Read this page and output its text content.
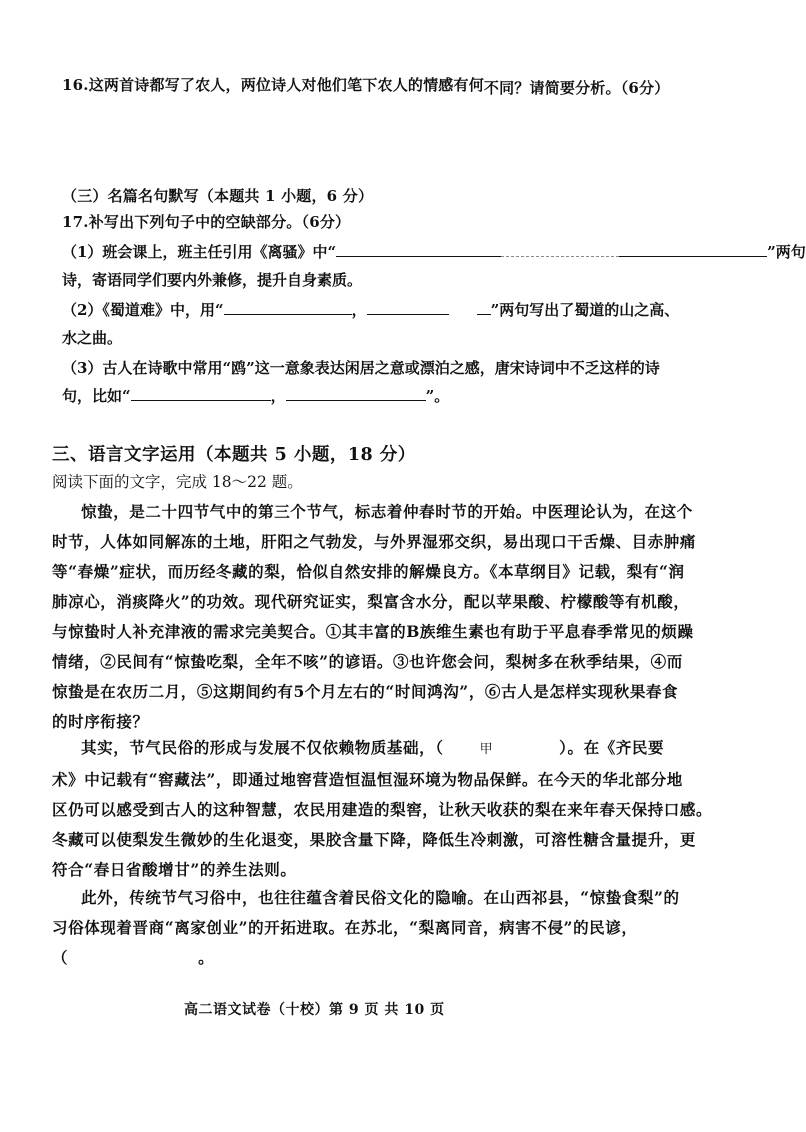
16.这两首诗都写了农人，两位诗人对他们笔下农人的情感有何不同？请简要分析。（6分）
（三）名篇名句默写（本题共 1 小题，6 分）
17.补写出下列句子中的空缺部分。（6分）
（1）班会课上，班主任引用《离骚》中“	”两句
诗，寄语同学们要内外兼修，提升自身素质。
（2）《蜀道难》中，用“	，	”两句写出了蜀道的山之高、
水之曲。
（3）古人在诗歌中常用“鸥”这一意象表达闲居之意或漂泊之感，唐宋诗词中不乏这样的诗
句，比如“	，	”。
三、语言文字运用（本题共 5 小题，18 分）
阅读下面的文字，完成 18～22 题。
惊蛰，是二十四节气中的第三个节气，标志着仲春时节的开始。中医理论认为，在这个
时节，人体如同解冻的土地，肝阳之气勃发，与外界湿邪交织，易出现口干舌燥、目赤肿痛
等“春燥”症状，而历经冬藏的梨，恰似自然安排的解燥良方。《本草纲目》记载，梨有“润
肺凉心，消痰降火”的功效。现代研究证实，梨富含水分，配以苹果酸、柠檬酸等有机酸，
与惊蛰时人补充津液的需求完美契合。①其丰富的B族维生素也有助于平息春季常见的烦躁
情绪，②民间有“惊蛰吃梨，全年不咳”的谚语。③也许您会问，梨树多在秋季结果，④而
惊蛰是在农历二月，⑤这期间约有5个月左右的“时间鸿沟”，⑥古人是怎样实现秋果春食
的时序衔接？
其实，节气民俗的形成与发展不仅依赖物质基础，（	甲	）。在《齐民要
术》中记载有“窖藏法”，即通过地窖营造恒温恒湿环境为物品保鲜。在今天的华北部分地
区仍可以感受到古人的这种智慧，农民用建造的梨窖，让秋天收获的梨在来年春天保持口感。
冬藏可以使梨发生微妙的生化退变，果胶含量下降，降低生冷刺激，可溶性糖含量提升，更
符合“春日省酸增甘”的养生法则。
此外，传统节气习俗中，也往往蕴含着民俗文化的隐喻。在山西祁县，“惊蛰食梨”的
习俗体现着晋商“离家创业”的开拓进取。在苏北，“梨离同音，病害不侵”的民谚，
（	。
高二语文试卷（十校）第 9 页 共 10 页
